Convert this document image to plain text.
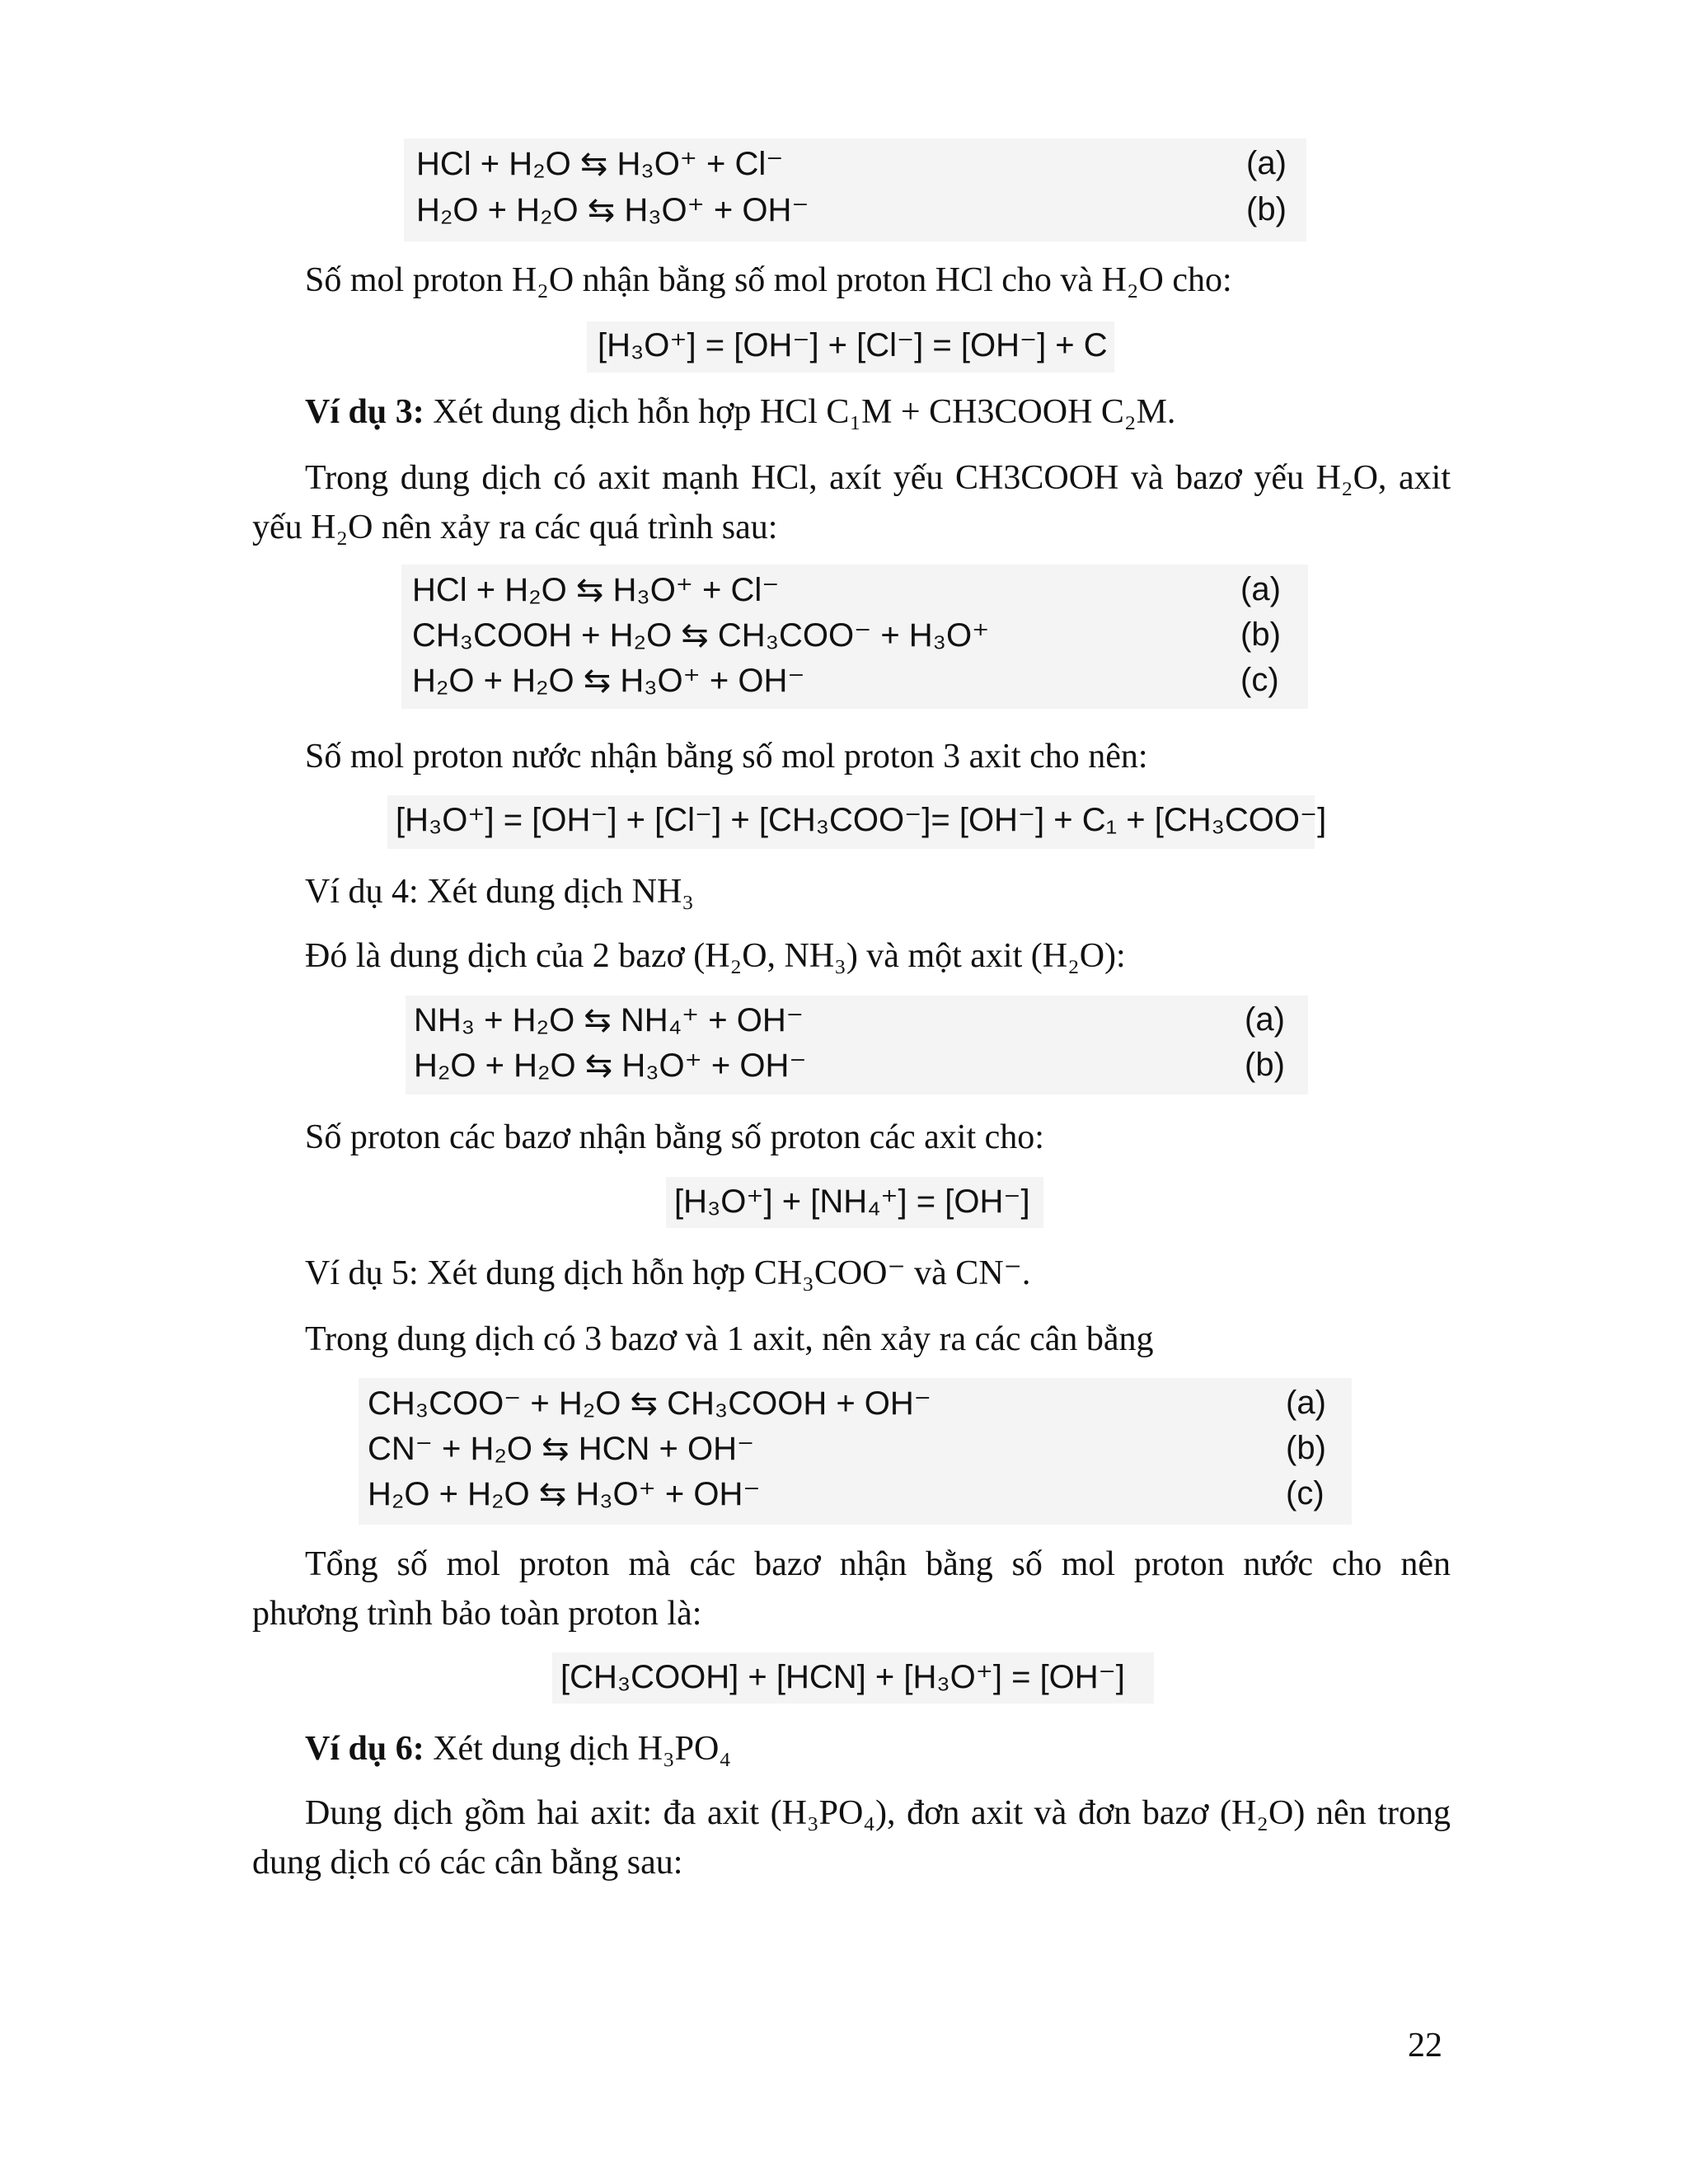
HCl + H₂O ⇆ H₃O⁺ + Cl⁻	(a)
H₂O + H₂O ⇆ H₃O⁺ + OH⁻	(b)
Số mol proton H₂O nhận bằng số mol proton HCl cho và H₂O cho:
[H₃O⁺] = [OH⁻] + [Cl⁻] = [OH⁻] + C
Ví dụ 3: Xét dung dịch hỗn hợp HCl C₁M + CH3COOH C₂M.
Trong dung dịch có axit mạnh HCl, axít yếu CH3COOH và bazơ yếu H₂O, axit
yếu H₂O nên xảy ra các quá trình sau:
HCl + H₂O ⇆ H₃O⁺ + Cl⁻	(a)
CH₃COOH + H₂O ⇆ CH₃COO⁻ + H₃O⁺	(b)
H₂O + H₂O ⇆ H₃O⁺ + OH⁻	(c)
Số mol proton nước nhận bằng số mol proton 3 axit cho nên:
[H₃O⁺] = [OH⁻] + [Cl⁻] + [CH₃COO⁻]= [OH⁻] + C₁ + [CH₃COO⁻]
Ví dụ 4: Xét dung dịch NH₃
Đó là dung dịch của 2 bazơ (H₂O, NH₃) và một axit (H₂O):
NH₃ + H₂O ⇆ NH₄⁺ + OH⁻	(a)
H₂O + H₂O ⇆ H₃O⁺ + OH⁻	(b)
Số proton các bazơ nhận bằng số proton các axit cho:
[H₃O⁺] + [NH₄⁺] = [OH⁻]
Ví dụ 5: Xét dung dịch hỗn hợp CH₃COO⁻ và CN⁻.
Trong dung dịch có 3 bazơ và 1 axit, nên xảy ra các cân bằng
CH₃COO⁻ + H₂O ⇆ CH₃COOH + OH⁻	(a)
CN⁻ + H₂O ⇆ HCN + OH⁻	(b)
H₂O + H₂O ⇆ H₃O⁺ + OH⁻	(c)
Tổng số mol proton mà các bazơ nhận bằng số mol proton nước cho nên
phương trình bảo toàn proton là:
[CH₃COOH] + [HCN] + [H₃O⁺] = [OH⁻]
Ví dụ 6: Xét dung dịch H₃PO₄
Dung dịch gồm hai axit: đa axit (H₃PO₄), đơn axit và đơn bazơ (H₂O) nên trong
dung dịch có các cân bằng sau:
22
